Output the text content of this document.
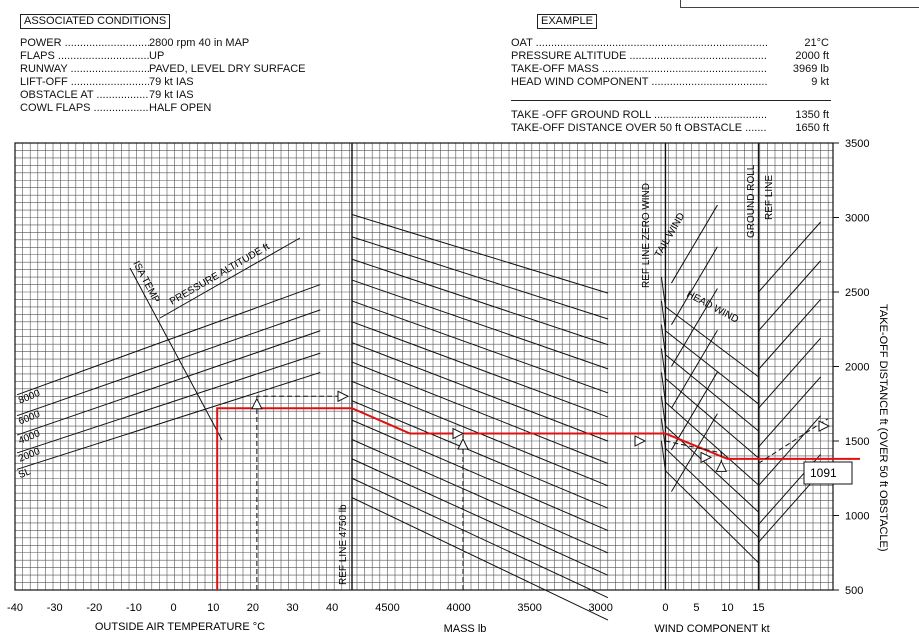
ASSOCIATED CONDITIONS
POWER .....	2800 rpm 40 in MAP
FLAPS .....	UP
RUNWAY .....	PAVED, LEVEL DRY SURFACE
LIFT-OFF .....	79 kt IAS
OBSTACLE AT .....	79 kt IAS
COWL FLAPS .....	HALF OPEN
EXAMPLE
OAT .....	21°C
PRESSURE ALTITUDE .....	2000 ft
TAKE-OFF MASS .....	3969 lb
HEAD WIND COMPONENT .....	9 kt
TAKE -OFF GROUND ROLL .....	1350 ft
TAKE-OFF DISTANCE OVER 50 ft OBSTACLE .....	1650 ft
8000
6000
4000
2000
SL
ISA TEMP PRESSURE ALTITUDE ft
REF LINE 4750 lb
REF LINE ZERO WIND TAIL WIND
HEAD WIND
GROUND ROLL REF LINE
1091
-40 -30 -20 -10	0	10 20 30 40	4500	4000	3500	3000	0 5 10 15
OUTSIDE AIR TEMPERATURE °C	MASS lb	WIND COMPONENT kt
500
1000
1500
2000
2500
3000
3500
TAKE-OFF DISTANCE ft (OVER 50 ft OBSTACLE)
